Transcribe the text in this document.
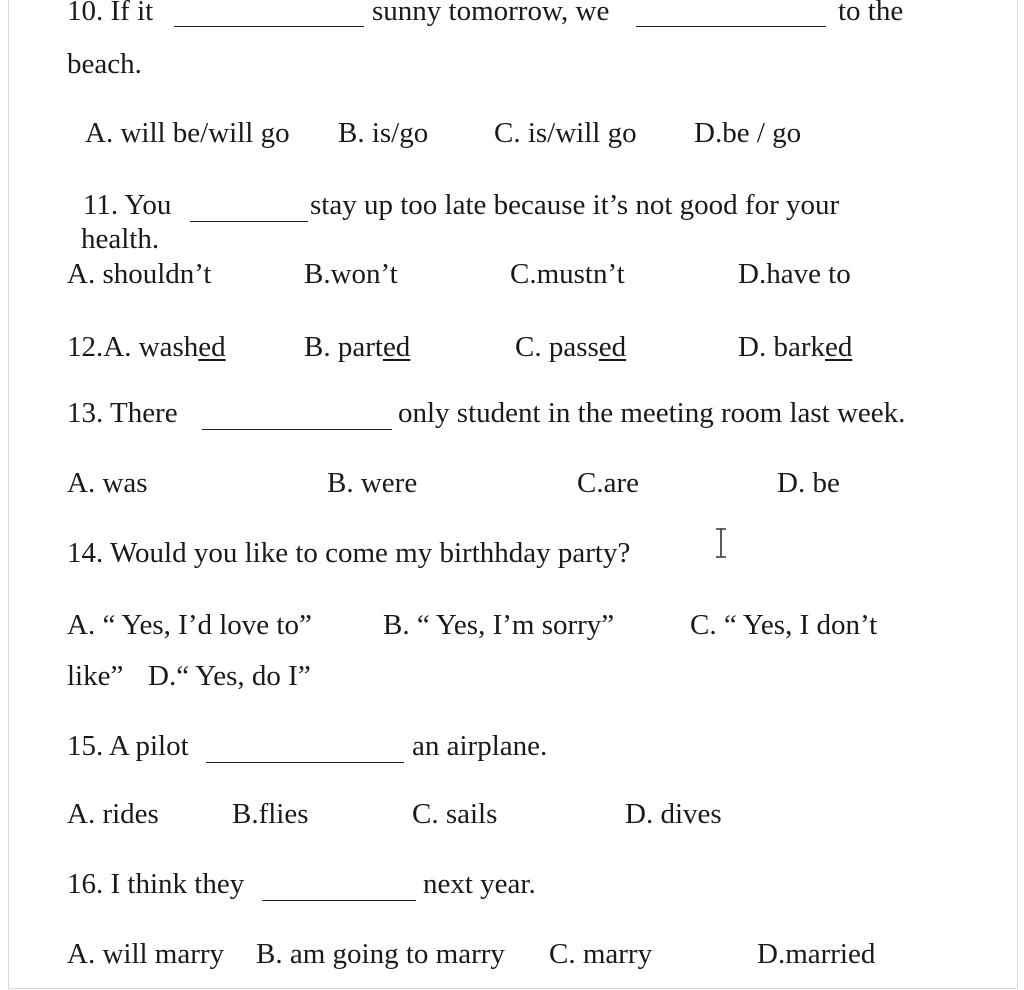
10. If it	sunny tomorrow, we	to the
beach.
A. will be/will go B. is/go C. is/will go D.be / go
11. You	stay up too late because it’s not good for your
health.
A. shouldn’t	B.won’t	C.mustn’t	D.have to
12.A. washed	B. parted	C. passed	D. barked
13. There	only student in the meeting room last week.
A. was	B. were	C.are	D. be
14. Would you like to come my birthhday party?
A. “ Yes, I’d love to” B. “ Yes, I’m sorry”	C. “ Yes, I don’t
like” D.“ Yes, do I”
15. A pilot	an airplane.
A. rides	B.flies	C. sails	D. dives
16. I think they	next year.
A. will marry B. am going to marry C. marry	D.married
